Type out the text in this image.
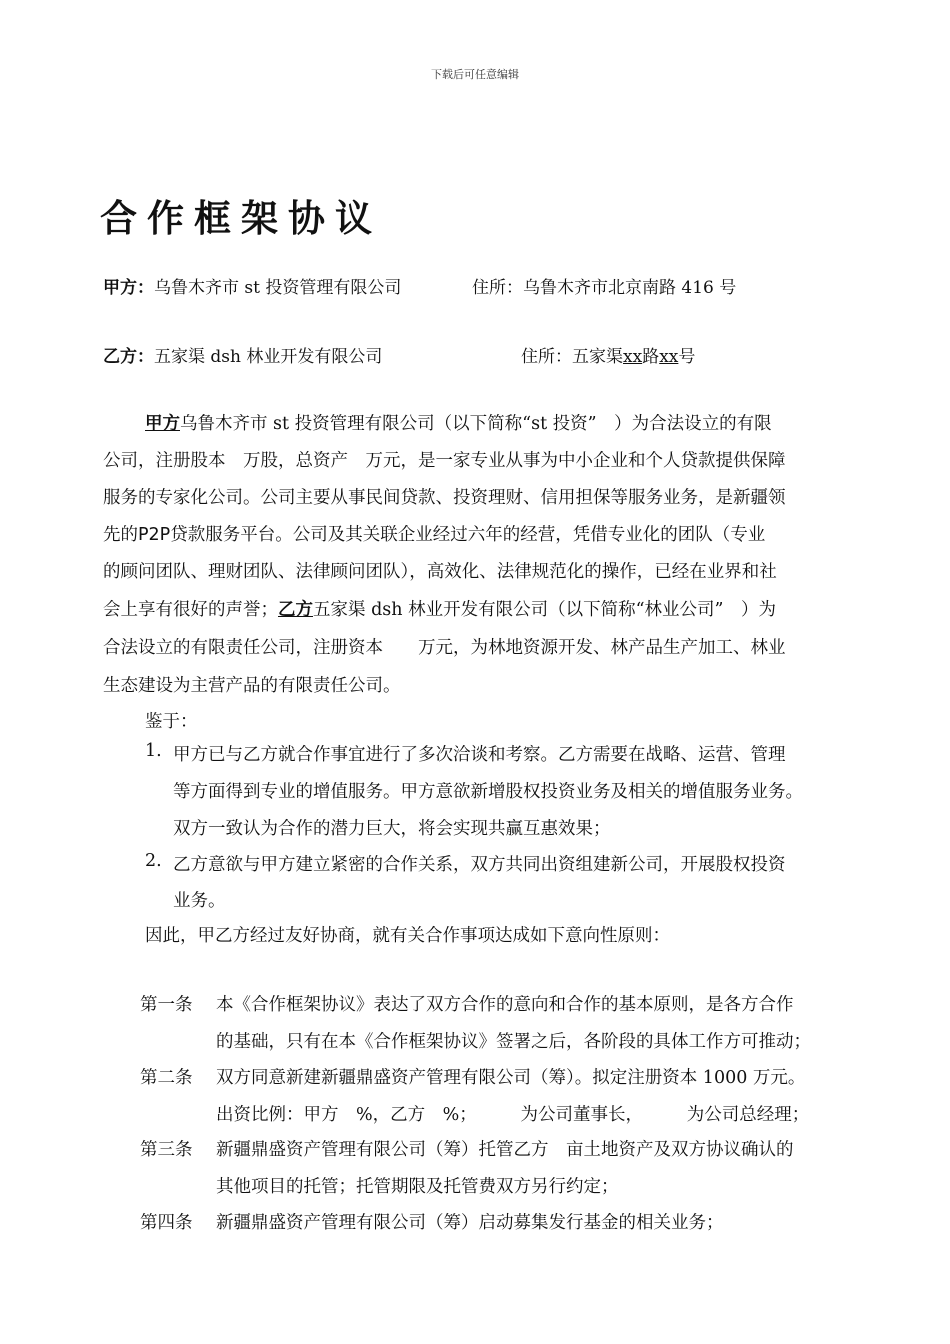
下载后可任意编辑
合作框架协议
甲方：乌鲁木齐市 st 投资管理有限公司	住所：乌鲁木齐市北京南路 416 号
乙方：五家渠 dsh 林业开发有限公司	住所：五家渠xx路xx号
甲方乌鲁木齐市 st 投资管理有限公司（以下简称“st 投资”　）为合法设立的有限
公司，注册股本　万股，总资产　万元，是一家专业从事为中小企业和个人贷款提供保障
服务的专家化公司。公司主要从事民间贷款、投资理财、信用担保等服务业务，是新疆领
先的P2P贷款服务平台。公司及其关联企业经过六年的经营，凭借专业化的团队（专业
的顾问团队、理财团队、法律顾问团队），高效化、法律规范化的操作，已经在业界和社
会上享有很好的声誉；乙方五家渠 dsh 林业开发有限公司（以下简称“林业公司”　）为
合法设立的有限责任公司，注册资本　　万元，为林地资源开发、林产品生产加工、林业
生态建设为主营产品的有限责任公司。
鉴于：
1. 甲方已与乙方就合作事宜进行了多次洽谈和考察。乙方需要在战略、运营、管理
等方面得到专业的增值服务。甲方意欲新增股权投资业务及相关的增值服务业务。
双方一致认为合作的潜力巨大，将会实现共赢互惠效果；
2. 乙方意欲与甲方建立紧密的合作关系，双方共同出资组建新公司，开展股权投资
业务。
因此，甲乙方经过友好协商，就有关合作事项达成如下意向性原则：
第一条 本《合作框架协议》表达了双方合作的意向和合作的基本原则，是各方合作
的基础，只有在本《合作框架协议》签署之后，各阶段的具体工作方可推动；
第二条 双方同意新建新疆鼎盛资产管理有限公司（筹）。拟定注册资本 1000 万元。
出资比例：甲方　%，乙方　%；　　　为公司董事长，　　　为公司总经理；
第三条 新疆鼎盛资产管理有限公司（筹）托管乙方　亩土地资产及双方协议确认的
其他项目的托管；托管期限及托管费双方另行约定；
第四条 新疆鼎盛资产管理有限公司（筹）启动募集发行基金的相关业务；
